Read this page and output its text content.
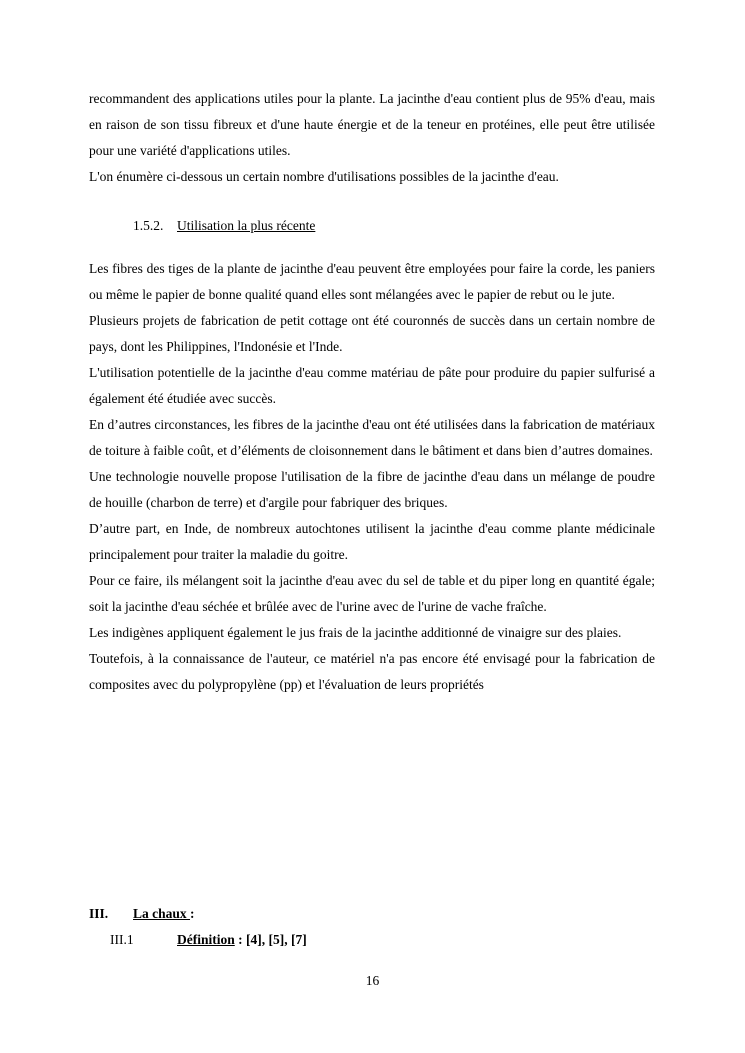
recommandent des applications utiles pour la plante. La jacinthe d'eau contient plus de 95% d'eau, mais en raison de son tissu fibreux et d'une haute énergie et de la teneur en protéines, elle peut être utilisée pour une variété d'applications utiles.

L'on énumère ci-dessous un certain nombre d'utilisations possibles de la jacinthe d'eau.

1.5.2. Utilisation la plus récente

Les fibres des tiges de la plante de jacinthe d'eau peuvent être employées pour faire la corde, les paniers ou même le papier de bonne qualité quand elles sont mélangées avec le papier de rebut ou le jute.

Plusieurs projets de fabrication de petit cottage ont été couronnés de succès dans un certain nombre de pays, dont les Philippines, l'Indonésie et l'Inde.

L'utilisation potentielle de la jacinthe d'eau comme matériau de pâte pour produire du papier sulfurisé a également été étudiée avec succès.

En d’autres circonstances, les fibres de la jacinthe d'eau ont été utilisées dans la fabrication de matériaux de toiture à faible coût, et d’éléments de cloisonnement dans le bâtiment et dans bien d’autres domaines.

Une technologie nouvelle propose l'utilisation de la fibre de jacinthe d'eau dans un mélange de poudre de houille (charbon de terre) et d'argile pour fabriquer des briques.

D’autre part, en Inde, de nombreux autochtones utilisent la jacinthe d'eau comme plante médicinale principalement pour traiter la maladie du goitre.

Pour ce faire, ils mélangent soit la jacinthe d'eau avec du sel de table et du piper long en quantité égale; soit la jacinthe d'eau séchée et brûlée avec de l'urine avec de l'urine de vache fraîche.

Les indigènes appliquent également le jus frais de la jacinthe additionné de vinaigre sur des plaies.

Toutefois, à la connaissance de l'auteur, ce matériel n'a pas encore été envisagé pour la fabrication de composites avec du polypropylène (pp) et l'évaluation de leurs propriétés

III. La chaux :
III.1	Définition : [4], [5], [7]
16
